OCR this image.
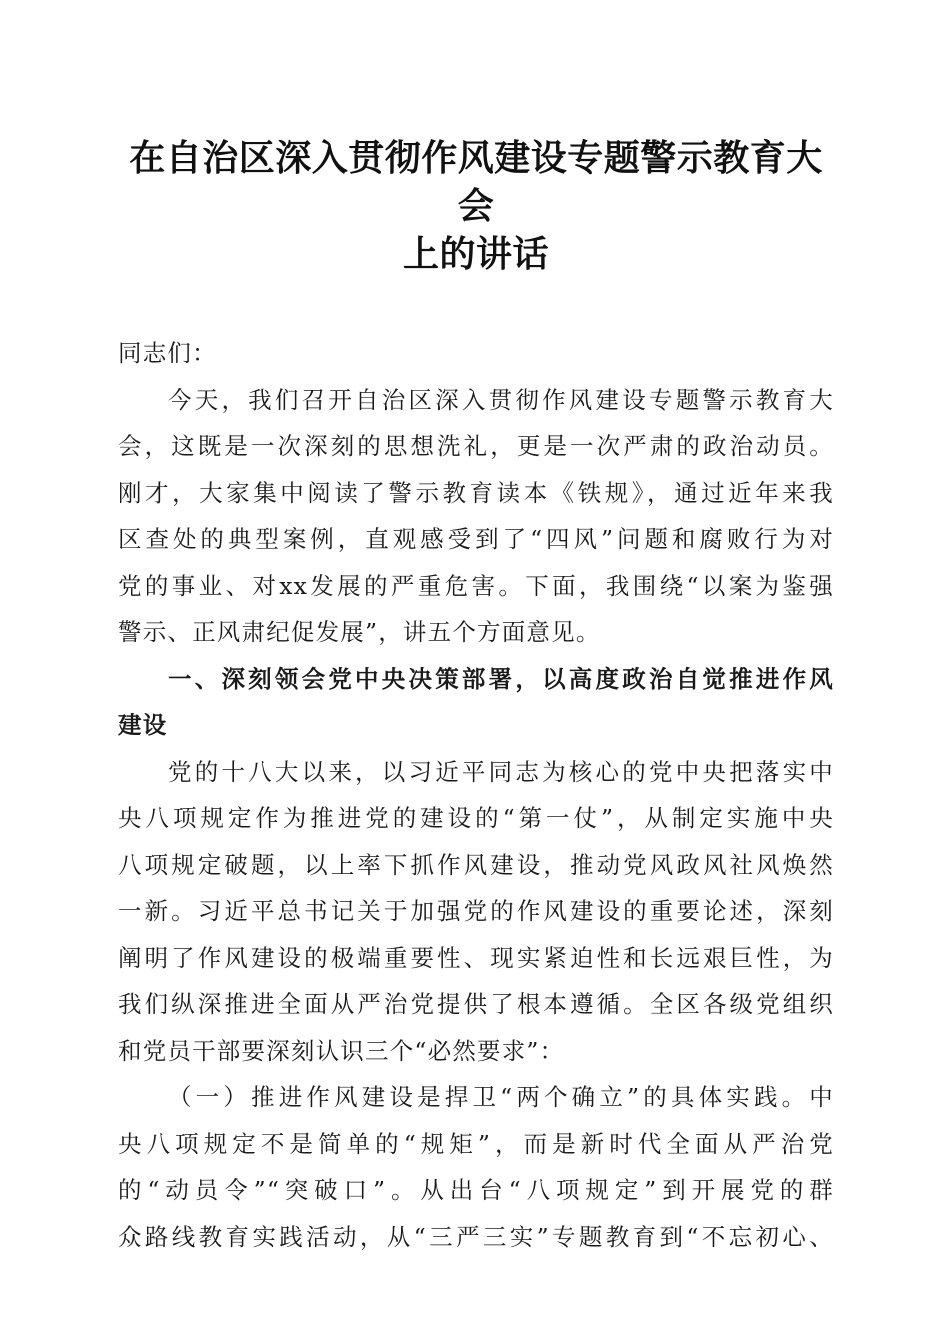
在自治区深入贯彻作风建设专题警示教育大会
上的讲话
同志们：
今天，我们召开自治区深入贯彻作风建设专题警示教育大
会，这既是一次深刻的思想洗礼，更是一次严肃的政治动员。
刚才，大家集中阅读了警示教育读本《铁规》，通过近年来我
区查处的典型案例，直观感受到了“四风”问题和腐败行为对
党的事业、对xx发展的严重危害。下面，我围绕“以案为鉴强
警示、正风肃纪促发展”，讲五个方面意见。
一、深刻领会党中央决策部署，以高度政治自觉推进作风
建设
党的十八大以来，以习近平同志为核心的党中央把落实中
央八项规定作为推进党的建设的“第一仗”，从制定实施中央
八项规定破题，以上率下抓作风建设，推动党风政风社风焕然
一新。习近平总书记关于加强党的作风建设的重要论述，深刻
阐明了作风建设的极端重要性、现实紧迫性和长远艰巨性，为
我们纵深推进全面从严治党提供了根本遵循。全区各级党组织
和党员干部要深刻认识三个“必然要求”：
（一）推进作风建设是捍卫“两个确立”的具体实践。中
央八项规定不是简单的“规矩”，而是新时代全面从严治党
的“动员令”“突破口”。从出台“八项规定”到开展党的群
众路线教育实践活动，从“三严三实”专题教育到“不忘初心、
